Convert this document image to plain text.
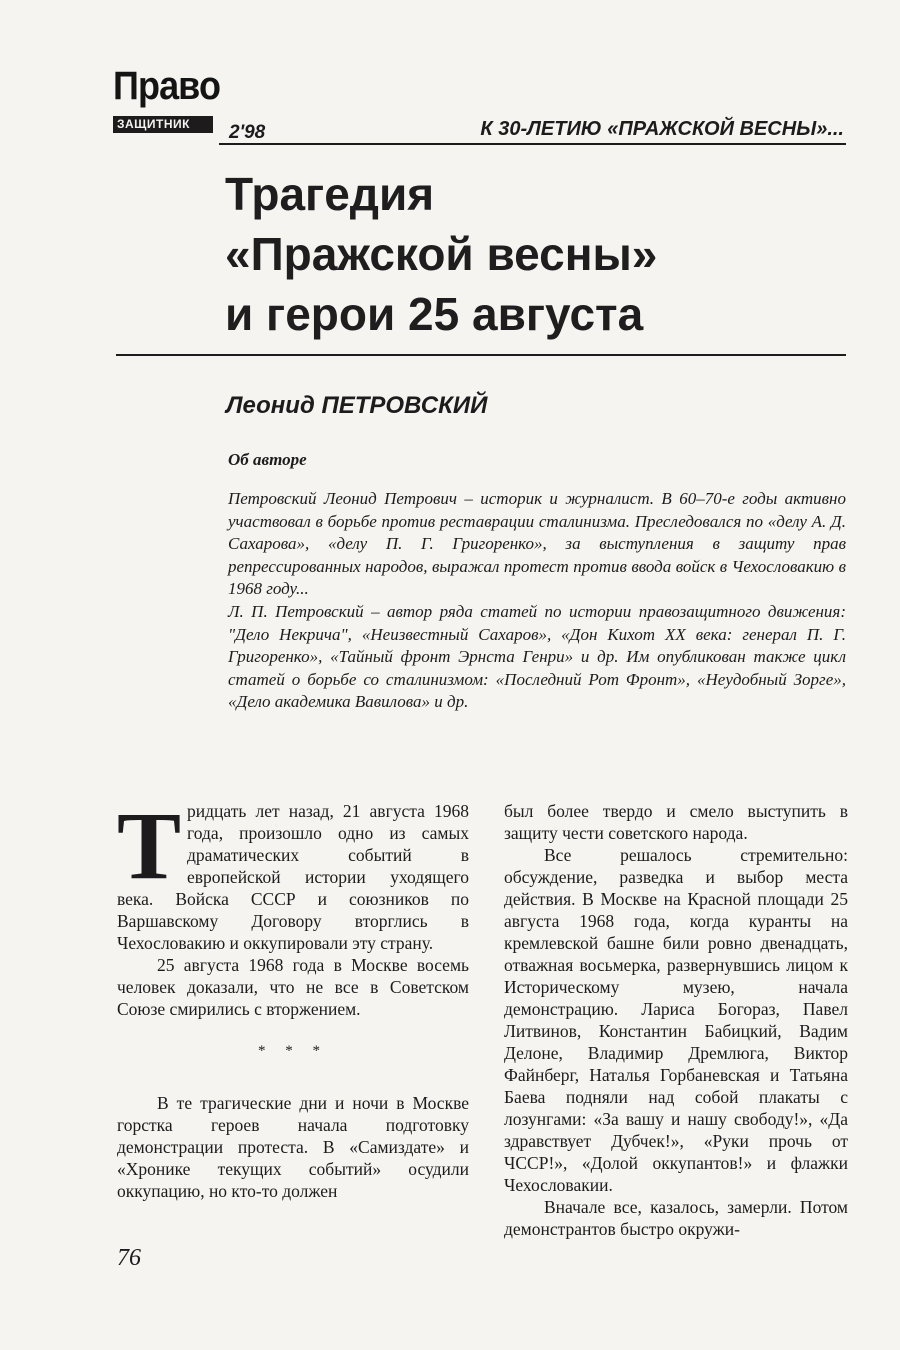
Право
ЗАЩИТНИК	2'98	К 30-ЛЕТИЮ «ПРАЖСКОЙ ВЕСНЫ»...
Трагедия
«Пражской весны»
и герои 25 августа
Леонид ПЕТРОВСКИЙ
Об авторе

Петровский Леонид Петрович – историк и журналист. В 60–70-е годы активно участвовал в борьбе против реставрации сталинизма. Преследовался по «делу А. Д. Сахарова», «делу П. Г. Григоренко», за выступления в защиту прав репрессированных народов, выражал протест против ввода войск в Чехословакию в 1968 году...

Л. П. Петровский – автор ряда статей по истории правозащитного движения: "Дело Некрича", «Неизвестный Сахаров», «Дон Кихот XX века: генерал П. Г. Григоренко», «Тайный фронт Эрнста Генри» и др. Им опубликован также цикл статей о борьбе со сталинизмом: «Последний Рот Фронт», «Неудобный Зорге», «Дело академика Вавилова» и др.

Тридцать лет назад, 21 августа 1968 года, произошло одно из самых драматических событий в европейской истории уходящего века. Войска СССР и союзников по Варшавскому Договору вторглись в Чехословакию и оккупировали эту страну.

25 августа 1968 года в Москве восемь человек доказали, что не все в Советском Союзе смирились с вторжением.

* * *

В те трагические дни и ночи в Москве горстка героев начала подготовку демонстрации протеста. В «Самиздате» и «Хронике текущих событий» осудили оккупацию, но кто-то должен

был более твердо и смело выступить в защиту чести советского народа.

Все решалось стремительно: обсуждение, разведка и выбор места действия. В Москве на Красной площади 25 августа 1968 года, когда куранты на кремлевской башне били ровно двенадцать, отважная восьмерка, развернувшись лицом к Историческому музею, начала демонстрацию. Лариса Богораз, Павел Литвинов, Константин Бабицкий, Вадим Делоне, Владимир Дремлюга, Виктор Файнберг, Наталья Горбаневская и Татьяна Баева подняли над собой плакаты с лозунгами: «За вашу и нашу свободу!», «Да здравствует Дубчек!», «Руки прочь от ЧССР!», «Долой оккупантов!» и флажки Чехословакии.

Вначале все, казалось, замерли. Потом демонстрантов быстро окружи-

76
